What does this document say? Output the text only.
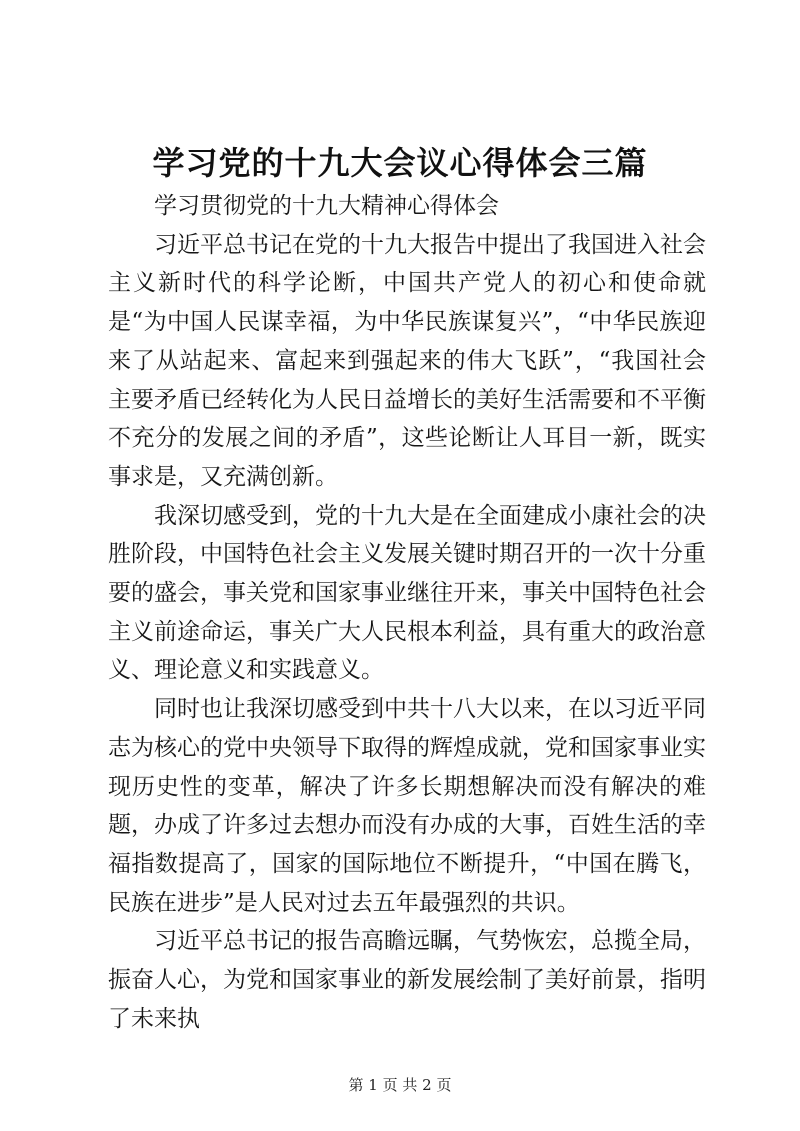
学习党的十九大会议心得体会三篇

学习贯彻党的十九大精神心得体会

习近平总书记在党的十九大报告中提出了我国进入社会主义新时代的科学论断，中国共产党人的初心和使命就是“为中国人民谋幸福，为中华民族谋复兴”，“中华民族迎来了从站起来、富起来到强起来的伟大飞跃”，“我国社会主要矛盾已经转化为人民日益增长的美好生活需要和不平衡不充分的发展之间的矛盾”，这些论断让人耳目一新，既实事求是，又充满创新。

我深切感受到，党的十九大是在全面建成小康社会的决胜阶段，中国特色社会主义发展关键时期召开的一次十分重要的盛会，事关党和国家事业继往开来，事关中国特色社会主义前途命运，事关广大人民根本利益，具有重大的政治意义、理论意义和实践意义。

同时也让我深切感受到中共十八大以来，在以习近平同志为核心的党中央领导下取得的辉煌成就，党和国家事业实现历史性的变革，解决了许多长期想解决而没有解决的难题，办成了许多过去想办而没有办成的大事，百姓生活的幸福指数提高了，国家的国际地位不断提升，“中国在腾飞，民族在进步”是人民对过去五年最强烈的共识。

习近平总书记的报告高瞻远瞩，气势恢宏，总揽全局，振奋人心，为党和国家事业的新发展绘制了美好前景，指明了未来执

第 1 页 共 2 页
